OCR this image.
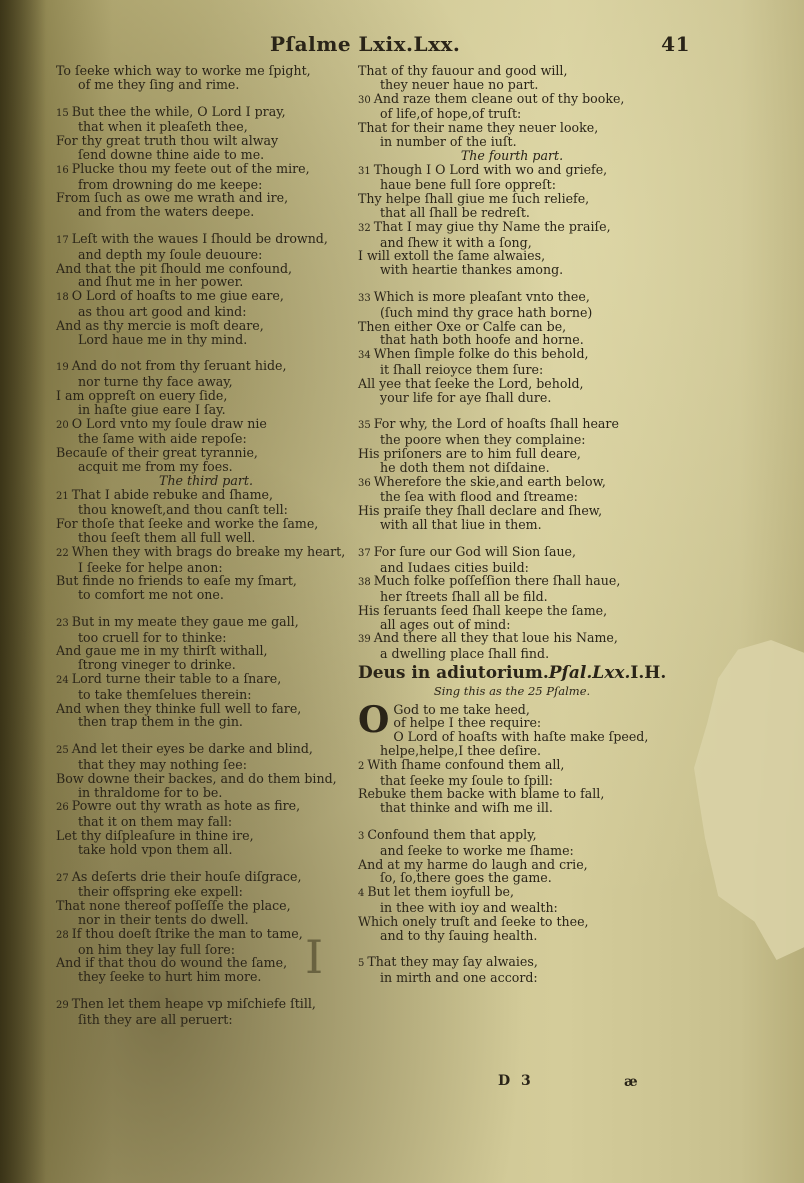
Pſalme Lxix.Lxx.	41
To ſeeke which way to worke me ſpight,
of me they ſing and rime.
15 But thee the while, O Lord I pray,
that when it pleaſeth thee,
For thy great truth thou wilt alway
ſend downe thine aide to me.
16 Plucke thou my feete out of the mire,
from drowning do me keepe:
From ſuch as owe me wrath and ire,
and from the waters deepe.
17 Leſt with the waues I ſhould be drownd,
and depth my ſoule deuoure:
And that the pit ſhould me confound,
and ſhut me in her power.
18 O Lord of hoaſts to me giue eare,
as thou art good and kind:
And as thy mercie is moſt deare,
Lord haue me in thy mind.
19 And do not from thy ſeruant hide,
nor turne thy face away,
I am oppreſt on euery ſide,
in haſte giue eare I ſay.
20 O Lord vnto my ſoule draw nie
the ſame with aide repoſe:
Becauſe of their great tyrannie,
acquit me from my foes.
The third part.
21 That I abide rebuke and ſhame,
thou knoweſt,and thou canſt tell:
For thoſe that ſeeke and worke the ſame,
thou ſeeſt them all full well.
22 When they with brags do breake my heart,
I ſeeke for helpe anon:
But finde no friends to eaſe my ſmart,
to comfort me not one.
23 But in my meate they gaue me gall,
too cruell for to thinke:
And gaue me in my thirſt withall,
ſtrong vineger to drinke.
24 Lord turne their table to a ſnare,
to take themſelues therein:
And when they thinke full well to fare,
then trap them in the gin.
25 And let their eyes be darke and blind,
that they may nothing ſee:
Bow downe their backes, and do them bind,
in thraldome for to be.
26 Powre out thy wrath as hote as fire,
that it on them may fall:
Let thy diſpleaſure in thine ire,
take hold vpon them all.
27 As deſerts drie their houſe diſgrace,
their offspring eke expell:
That none thereof poſſeſſe the place,
nor in their tents do dwell.
28 If thou doeſt ſtrike the man to tame,
on him they lay full ſore:
And if that thou do wound the ſame,
they ſeeke to hurt him more.
29 Then let them heape vp miſchiefe ſtill,
ſith they are all peruert:
That of thy fauour and good will,
they neuer haue no part.
30 And raze them cleane out of thy booke,
of life,of hope,of truſt:
That for their name they neuer looke,
in number of the iuſt.
The fourth part.
31 Though I O Lord with wo and griefe,
haue bene full ſore oppreſt:
Thy helpe ſhall giue me ſuch reliefe,
that all ſhall be redreſt.
32 That I may giue thy Name the praiſe,
and ſhew it with a ſong,
I will extoll the ſame alwaies,
with heartie thankes among.
33 Which is more pleaſant vnto thee,
(ſuch mind thy grace hath borne)
Then either Oxe or Calfe can be,
that hath both hoofe and horne.
34 When ſimple folke do this behold,
it ſhall reioyce them ſure:
All yee that ſeeke the Lord, behold,
your life for aye ſhall dure.
35 For why, the Lord of hoaſts ſhall heare
the poore when they complaine:
His priſoners are to him full deare,
he doth them not diſdaine.
36 Wherefore the skie,and earth below,
the ſea with flood and ſtreame:
His praiſe they ſhall declare and ſhew,
with all that liue in them.
37 For ſure our God will Sion ſaue,
and Iudaes cities build:
38 Much folke poſſeſſion there ſhall haue,
her ſtreets ſhall all be fild.
His ſeruants ſeed ſhall keepe the ſame,
all ages out of mind:
39 And there all they that loue his Name,
a dwelling place ſhall find.
Deus in adiutorium. Pſal.Lxx. I.H.
Sing this as the 25 Pſalme.
O God to me take heed,
of helpe I thee require:
O Lord of hoaſts with haſte make ſpeed,
helpe,helpe,I thee deſire.
2 With ſhame confound them all,
that ſeeke my ſoule to ſpill:
Rebuke them backe with blame to fall,
that thinke and wiſh me ill.
3 Confound them that apply,
and ſeeke to worke me ſhame:
And at my harme do laugh and crie,
ſo, ſo,there goes the game.
4 But let them ioyfull be,
in thee with ioy and wealth:
Which onely truſt and ſeeke to thee,
and to thy ſauing health.
5 That they may ſay alwaies,
in mirth and one accord:
I
D 3	æ
